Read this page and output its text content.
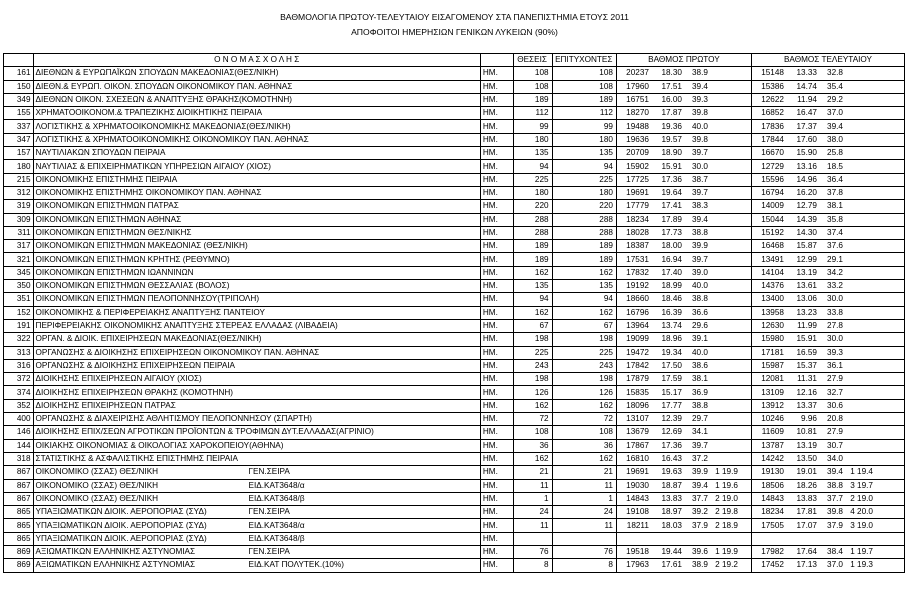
ΒΑΘΜΟΛΟΓΙΑ ΠΡΩΤΟΥ-ΤΕΛΕΥΤΑΙΟΥ ΕΙΣΑΓΟΜΕΝΟΥ ΣΤΑ ΠΑΝΕΠΙΣΤΗΜΙΑ ΕΤΟΥΣ 2011
ΑΠΟΦΟΙΤΟΙ ΗΜΕΡΗΣΙΩΝ ΓΕΝΙΚΩΝ ΛΥΚΕΙΩΝ (90%)
	Ο Ν Ο Μ Α Σ Χ Ο Λ Η Σ		ΘΕΣΕΙΣ	ΕΠΙΤΥΧΟΝΤΕΣ	ΒΑΘΜΟΣ ΠΡΩΤΟΥ	ΒΑΘΜΟΣ ΤΕΛΕΥΤΑΙΟΥ
161	ΔΙΕΘΝΩΝ & ΕΥΡΩΠΑΪΚΩΝ ΣΠΟΥΔΩΝ ΜΑΚΕΔΟΝΙΑΣ(ΘΕΣ/ΝΙΚΗ)	ΗΜ.	108	108	20237 18.30 38.9	15148 13.33 32.8
150	ΔΙΕΘΝ.& ΕΥΡΩΠ. ΟΙΚΟΝ. ΣΠΟΥΔΩΝ ΟΙΚΟΝΟΜΙΚΟΥ ΠΑΝ. ΑΘΗΝΑΣ	ΗΜ.	108	108	17960 17.51 39.4	15386 14.74 35.4
349	ΔΙΕΘΝΩΝ ΟΙΚΟΝ. ΣΧΕΣΕΩΝ & ΑΝΑΠΤΥΞΗΣ ΘΡΑΚΗΣ(ΚΟΜΟΤΗΝΗ)	ΗΜ.	189	189	16751 16.00 39.3	12622 11.94 29.2
155	ΧΡΗΜΑΤΟΟΙΚΟΝΟΜ.& ΤΡΑΠΕΖΙΚΗΣ ΔΙΟΙΚΗΤΙΚΗΣ ΠΕΙΡΑΙΑ	ΗΜ.	112	112	18270 17.87 39.8	16852 16.47 37.0
337	ΛΟΓΙΣΤΙΚΗΣ & ΧΡΗΜΑΤΟΟΙΚΟΝΟΜΙΚΗΣ ΜΑΚΕΔΟΝΙΑΣ(ΘΕΣ/ΝΙΚΗ)	ΗΜ.	99	99	19488 19.36 40.0	17836 17.37 39.4
347	ΛΟΓΙΣΤΙΚΗΣ & ΧΡΗΜΑΤΟΟΙΚΟΝΟΜΙΚΗΣ ΟΙΚΟΝΟΜΙΚΟΥ ΠΑΝ. ΑΘΗΝΑΣ	ΗΜ.	180	180	19636 19.57 39.8	17844 17.60 38.0
157	ΝΑΥΤΙΛΙΑΚΩΝ ΣΠΟΥΔΩΝ ΠΕΙΡΑΙΑ	ΗΜ.	135	135	20709 18.90 39.7	16670 15.90 25.8
180	ΝΑΥΤΙΛΙΑΣ & ΕΠΙΧΕΙΡΗΜΑΤΙΚΩΝ ΥΠΗΡΕΣΙΩΝ ΑΙΓΑΙΟΥ (ΧΙΟΣ)	ΗΜ.	94	94	15902 15.91 30.0	12729 13.16 18.5
215	ΟΙΚΟΝΟΜΙΚΗΣ ΕΠΙΣΤΗΜΗΣ ΠΕΙΡΑΙΑ	ΗΜ.	225	225	17725 17.36 38.7	15596 14.96 36.4
312	ΟΙΚΟΝΟΜΙΚΗΣ ΕΠΙΣΤΗΜΗΣ ΟΙΚΟΝΟΜΙΚΟΥ ΠΑΝ. ΑΘΗΝΑΣ	ΗΜ.	180	180	19691 19.64 39.7	16794 16.20 37.8
319	ΟΙΚΟΝΟΜΙΚΩΝ ΕΠΙΣΤΗΜΩΝ ΠΑΤΡΑΣ	ΗΜ.	220	220	17779 17.41 38.3	14009 12.79 38.1
309	ΟΙΚΟΝΟΜΙΚΩΝ ΕΠΙΣΤΗΜΩΝ ΑΘΗΝΑΣ	ΗΜ.	288	288	18234 17.89 39.4	15044 14.39 35.8
311	ΟΙΚΟΝΟΜΙΚΩΝ ΕΠΙΣΤΗΜΩΝ ΘΕΣ/ΝΙΚΗΣ	ΗΜ.	288	288	18028 17.73 38.8	15192 14.30 37.4
317	ΟΙΚΟΝΟΜΙΚΩΝ ΕΠΙΣΤΗΜΩΝ ΜΑΚΕΔΟΝΙΑΣ (ΘΕΣ/ΝΙΚΗ)	ΗΜ.	189	189	18387 18.00 39.9	16468 15.87 37.6
321	ΟΙΚΟΝΟΜΙΚΩΝ ΕΠΙΣΤΗΜΩΝ ΚΡΗΤΗΣ (ΡΕΘΥΜΝΟ)	ΗΜ.	189	189	17531 16.94 39.7	13491 12.99 29.1
345	ΟΙΚΟΝΟΜΙΚΩΝ ΕΠΙΣΤΗΜΩΝ ΙΩΑΝΝΙΝΩΝ	ΗΜ.	162	162	17832 17.40 39.0	14104 13.19 34.2
350	ΟΙΚΟΝΟΜΙΚΩΝ ΕΠΙΣΤΗΜΩΝ ΘΕΣΣΑΛΙΑΣ (ΒΟΛΟΣ)	ΗΜ.	135	135	19192 18.99 40.0	14376 13.61 33.2
351	ΟΙΚΟΝΟΜΙΚΩΝ ΕΠΙΣΤΗΜΩΝ ΠΕΛΟΠΟΝΝΗΣΟΥ(ΤΡΙΠΟΛΗ)	ΗΜ.	94	94	18660 18.46 38.8	13400 13.06 30.0
152	ΟΙΚΟΝΟΜΙΚΗΣ & ΠΕΡΙΦΕΡΕΙΑΚΗΣ ΑΝΑΠΤΥΞΗΣ ΠΑΝΤΕΙΟΥ	ΗΜ.	162	162	16796 16.39 36.6	13958 13.23 33.8
191	ΠΕΡΙΦΕΡΕΙΑΚΗΣ ΟΙΚΟΝΟΜΙΚΗΣ ΑΝΑΠΤΥΞΗΣ ΣΤΕΡΕΑΣ ΕΛΛΑΔΑΣ (ΛΙΒΑΔΕΙΑ)	ΗΜ.	67	67	13964 13.74 29.6	12630 11.99 27.8
322	ΟΡΓΑΝ. & ΔΙΟΙΚ. ΕΠΙΧΕΙΡΗΣΕΩΝ ΜΑΚΕΔΟΝΙΑΣ(ΘΕΣ/ΝΙΚΗ)	ΗΜ.	198	198	19099 18.96 39.1	15980 15.91 30.0
313	ΟΡΓΑΝΩΣΗΣ & ΔΙΟΙΚΗΣΗΣ ΕΠΙΧΕΙΡΗΣΕΩΝ ΟΙΚΟΝΟΜΙΚΟΥ ΠΑΝ. ΑΘΗΝΑΣ	ΗΜ.	225	225	19472 19.34 40.0	17181 16.59 39.3
316	ΟΡΓΑΝΩΣΗΣ & ΔΙΟΙΚΗΣΗΣ ΕΠΙΧΕΙΡΗΣΕΩΝ ΠΕΙΡΑΙΑ	ΗΜ.	243	243	17842 17.50 38.6	15987 15.37 36.1
372	ΔΙΟΙΚΗΣΗΣ ΕΠΙΧΕΙΡΗΣΕΩΝ ΑΙΓΑΙΟΥ (ΧΙΟΣ)	ΗΜ.	198	198	17879 17.59 38.1	12081 11.31 27.9
374	ΔΙΟΙΚΗΣΗΣ ΕΠΙΧΕΙΡΗΣΕΩΝ ΘΡΑΚΗΣ (ΚΟΜΟΤΗΝΗ)	ΗΜ.	126	126	15835 15.17 36.9	13109 12.16 32.7
352	ΔΙΟΙΚΗΣΗΣ ΕΠΙΧΕΙΡΗΣΕΩΝ ΠΑΤΡΑΣ	ΗΜ.	162	162	18096 17.77 38.8	13912 13.37 30.6
400	ΟΡΓΑΝΩΣΗΣ & ΔΙΑΧΕΙΡΙΣΗΣ ΑΘΛΗΤΙΣΜΟΥ ΠΕΛΟΠΟΝΝΗΣΟΥ (ΣΠΑΡΤΗ)	ΗΜ.	72	72	13107 12.39 29.7	10246 9.96 20.8
146	ΔΙΟΙΚΗΣΗΣ ΕΠΙΧ/ΣΕΩΝ ΑΓΡΟΤΙΚΩΝ ΠΡΟΪΟΝΤΩΝ & ΤΡΟΦΙΜΩΝ ΔΥΤ.ΕΛΛΑΔΑΣ(ΑΓΡΙΝΙΟ)	ΗΜ.	108	108	13679 12.69 34.1	11609 10.81 27.9
144	ΟΙΚΙΑΚΗΣ ΟΙΚΟΝΟΜΙΑΣ & ΟΙΚΟΛΟΓΙΑΣ ΧΑΡΟΚΟΠΕΙΟΥ(ΑΘΗΝΑ)	ΗΜ.	36	36	17867 17.36 39.7	13787 13.19 30.7
318	ΣΤΑΤΙΣΤΙΚΗΣ & ΑΣΦΑΛΙΣΤΙΚΗΣ ΕΠΙΣΤΗΜΗΣ ΠΕΙΡΑΙΑ	ΗΜ.	162	162	16810 16.43 37.2	14242 13.50 34.0
867	ΟΙΚΟΝΟΜΙΚΟ (ΣΣΑΣ) ΘΕΣ/ΝΙΚΗ ΓΕΝ.ΣΕΙΡΑ	ΗΜ.	21	21	19691 19.63 39.9 1 19.9	19130 19.01 39.4 1 19.4
867	ΟΙΚΟΝΟΜΙΚΟ (ΣΣΑΣ) ΘΕΣ/ΝΙΚΗ ΕΙΔ.ΚΑΤ3648/α	ΗΜ.	11	11	19030 18.87 39.4 1 19.6	18506 18.26 38.8 3 19.7
867	ΟΙΚΟΝΟΜΙΚΟ (ΣΣΑΣ) ΘΕΣ/ΝΙΚΗ ΕΙΔ.ΚΑΤ3648/β	ΗΜ.	1	1	14843 13.83 37.7 2 19.0	14843 13.83 37.7 2 19.0
865	ΥΠΑΞΙΩΜΑΤΙΚΩΝ ΔΙΟΙΚ. ΑΕΡΟΠΟΡΙΑΣ (ΣΥΔ) ΓΕΝ.ΣΕΙΡΑ	ΗΜ.	24	24	19108 18.97 39.2 2 19.8	18234 17.81 39.8 4 20.0
865	ΥΠΑΞΙΩΜΑΤΙΚΩΝ ΔΙΟΙΚ. ΑΕΡΟΠΟΡΙΑΣ (ΣΥΔ) ΕΙΔ.ΚΑΤ3648/α	ΗΜ.	11	11	18211 18.03 37.9 2 18.9	17505 17.07 37.9 3 19.0
865	ΥΠΑΞΙΩΜΑΤΙΚΩΝ ΔΙΟΙΚ. ΑΕΡΟΠΟΡΙΑΣ (ΣΥΔ) ΕΙΔ.ΚΑΤ3648/β	ΗΜ.				
869	ΑΞΙΩΜΑΤΙΚΩΝ ΕΛΛΗΝΙΚΗΣ ΑΣΤΥΝΟΜΙΑΣ ΓΕΝ.ΣΕΙΡΑ	ΗΜ.	76	76	19518 19.44 39.6 1 19.9	17982 17.64 38.4 1 19.7
869	ΑΞΙΩΜΑΤΙΚΩΝ ΕΛΛΗΝΙΚΗΣ ΑΣΤΥΝΟΜΙΑΣ ΕΙΔ.ΚΑΤ ΠΟΛΥΤΕΚ.(10%)	ΗΜ.	8	8	17963 17.61 38.9 2 19.2	17452 17.13 37.0 1 19.3
